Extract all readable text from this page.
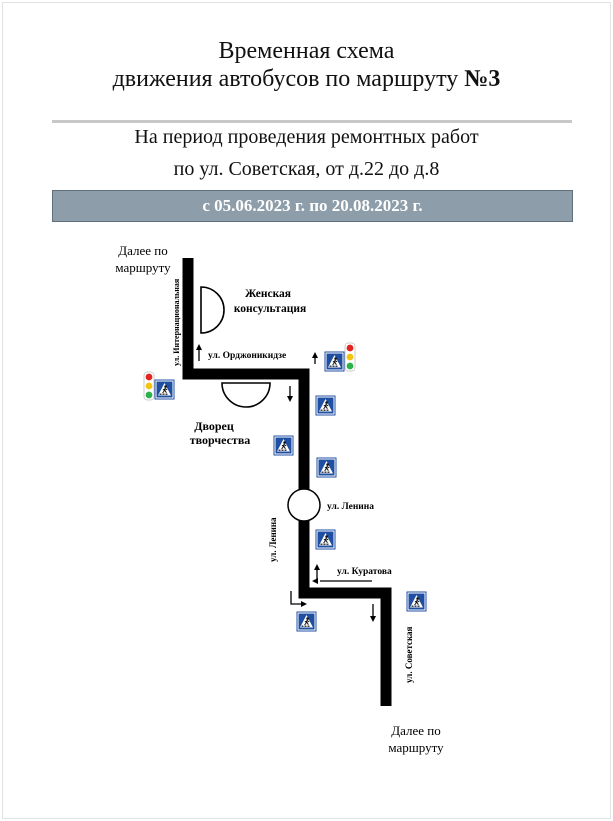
Временная схема
движения автобусов по маршруту №3
На период проведения ремонтных работ
по ул. Советская, от д.22 до д.8
с 05.06.2023 г. по 20.08.2023 г.
Далее по
маршруту
Женская
консультация
ул. Интернациональная	ул. Орджоникидзе
Дворец
творчества
ул. Ленина
ул. Ленина
ул. Куратова
ул. Советская
Далее по
маршруту
